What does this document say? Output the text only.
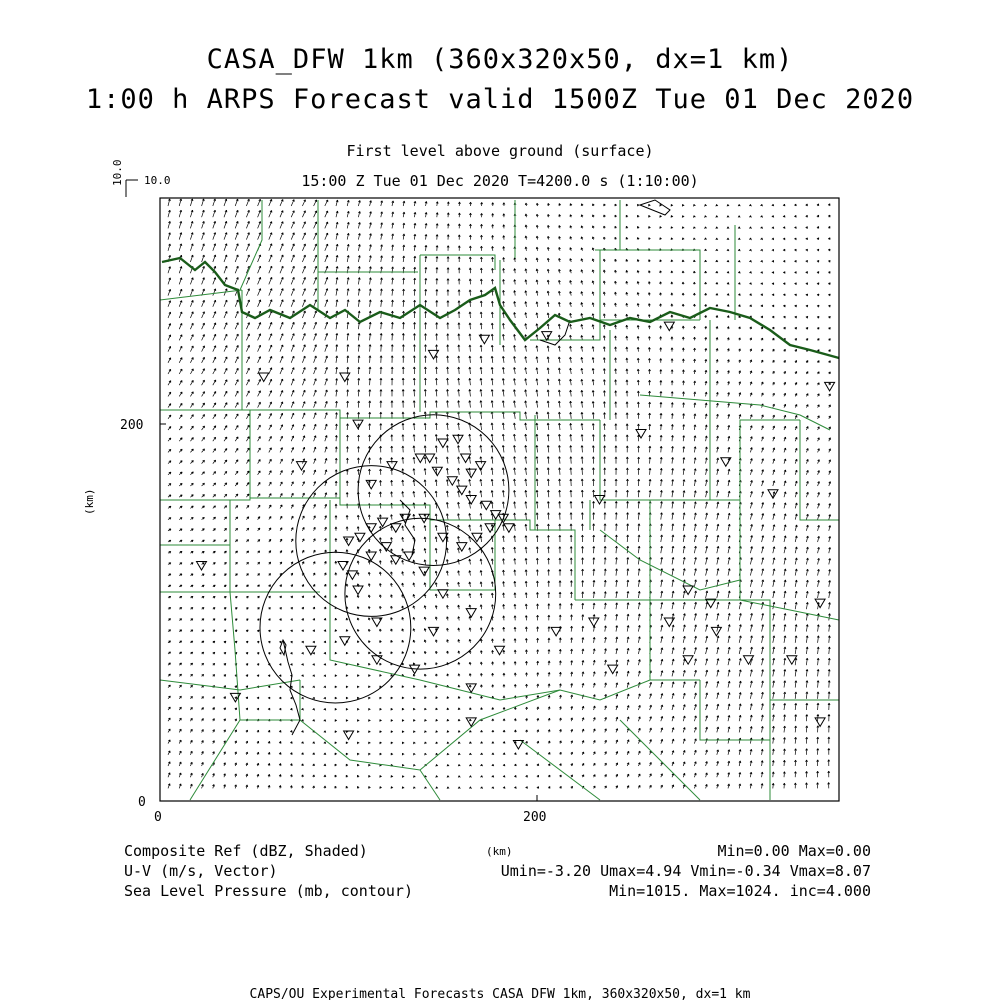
CASA_DFW 1km (360x320x50, dx=1 km)
1:00 h ARPS Forecast valid 1500Z Tue 01 Dec 2020
First level above ground (surface)
15:00 Z Tue 01 Dec 2020 T=4200.0 s (1:10:00)
10.0 10.0
0	200
0
200
(km)
(km)
Composite Ref (dBZ, Shaded)	Min=0.00 Max=0.00
U-V (m/s, Vector)	Umin=-3.20 Umax=4.94 Vmin=-0.34 Vmax=8.07
Sea Level Pressure (mb, contour)	Min=1015. Max=1024. inc=4.000
CAPS/OU Experimental Forecasts CASA DFW 1km, 360x320x50, dx=1 km
